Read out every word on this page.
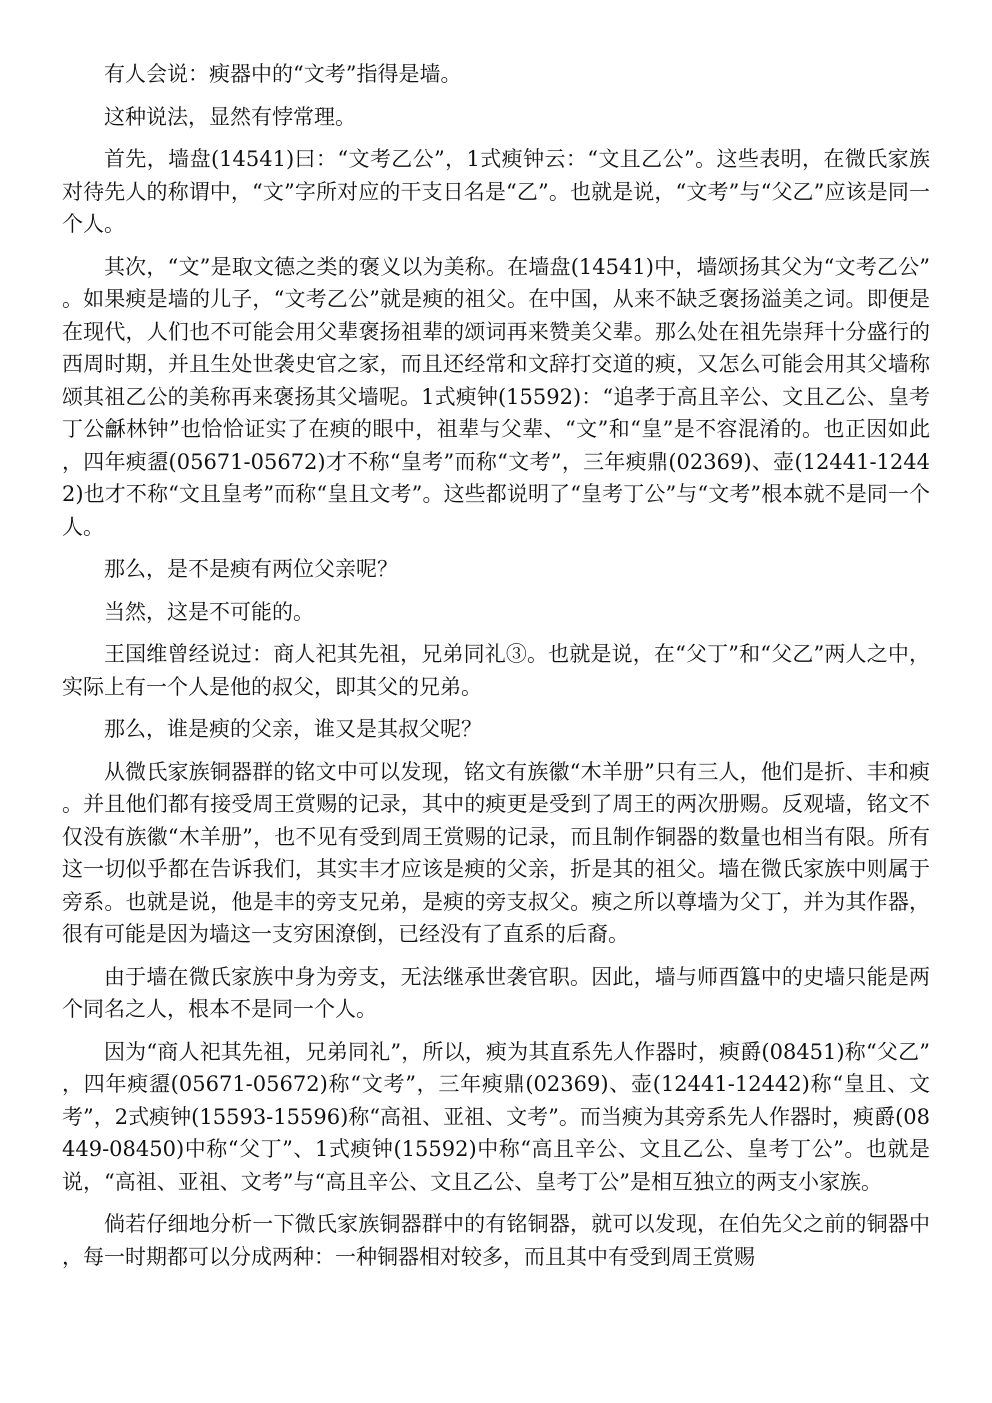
有人会说：瘐器中的“文考”指得是墙。

这种说法，显然有悖常理。

首先，墙盘(14541)曰：“文考乙公”，1式瘐钟云：“文且乙公”。这些表明，在微氏家族对待先人的称谓中，“文”字所对应的干支日名是“乙”。也就是说，“文考”与“父乙”应该是同一个人。

其次，“文”是取文德之类的褒义以为美称。在墙盘(14541)中，墙颂扬其父为“文考乙公”。如果瘐是墙的儿子，“文考乙公”就是瘐的祖父。在中国，从来不缺乏褒扬溢美之词。即便是在现代，人们也不可能会用父辈褒扬祖辈的颂词再来赞美父辈。那么处在祖先崇拜十分盛行的西周时期，并且生处世袭史官之家，而且还经常和文辞打交道的瘐，又怎么可能会用其父墙称颂其祖乙公的美称再来褒扬其父墙呢。1式瘐钟(15592)：“追孝于高且辛公、文且乙公、皇考丁公龢林钟”也恰恰证实了在瘐的眼中，祖辈与父辈、“文”和“皇”是不容混淆的。也正因如此，四年瘐盨(05671-05672)才不称“皇考”而称“文考”，三年瘐鼎(02369)、壶(12441-12442)也才不称“文且皇考”而称“皇且文考”。这些都说明了“皇考丁公”与“文考”根本就不是同一个人。

那么，是不是瘐有两位父亲呢？

当然，这是不可能的。

王国维曾经说过：商人祀其先祖，兄弟同礼③。也就是说，在“父丁”和“父乙”两人之中，实际上有一个人是他的叔父，即其父的兄弟。

那么，谁是瘐的父亲，谁又是其叔父呢？

从微氏家族铜器群的铭文中可以发现，铭文有族徽“木羊册”只有三人，他们是折、丰和瘐。并且他们都有接受周王赏赐的记录，其中的瘐更是受到了周王的两次册赐。反观墙，铭文不仅没有族徽“木羊册”，也不见有受到周王赏赐的记录，而且制作铜器的数量也相当有限。所有这一切似乎都在告诉我们，其实丰才应该是瘐的父亲，折是其的祖父。墙在微氏家族中则属于旁系。也就是说，他是丰的旁支兄弟，是瘐的旁支叔父。瘐之所以尊墙为父丁，并为其作器，很有可能是因为墙这一支穷困潦倒，已经没有了直系的后裔。

由于墙在微氏家族中身为旁支，无法继承世袭官职。因此，墙与师酉簋中的史墙只能是两个同名之人，根本不是同一个人。

因为“商人祀其先祖，兄弟同礼”，所以，瘐为其直系先人作器时，瘐爵(08451)称“父乙”，四年瘐盨(05671-05672)称“文考”，三年瘐鼎(02369)、壶(12441-12442)称“皇且、文考”，2式瘐钟(15593-15596)称“高祖、亚祖、文考”。而当瘐为其旁系先人作器时，瘐爵(08449-08450)中称“父丁”、1式瘐钟(15592)中称“高且辛公、文且乙公、皇考丁公”。也就是说，“高祖、亚祖、文考”与“高且辛公、文且乙公、皇考丁公”是相互独立的两支小家族。

倘若仔细地分析一下微氏家族铜器群中的有铭铜器，就可以发现，在伯先父之前的铜器中，每一时期都可以分成两种：一种铜器相对较多，而且其中有受到周王赏赐
